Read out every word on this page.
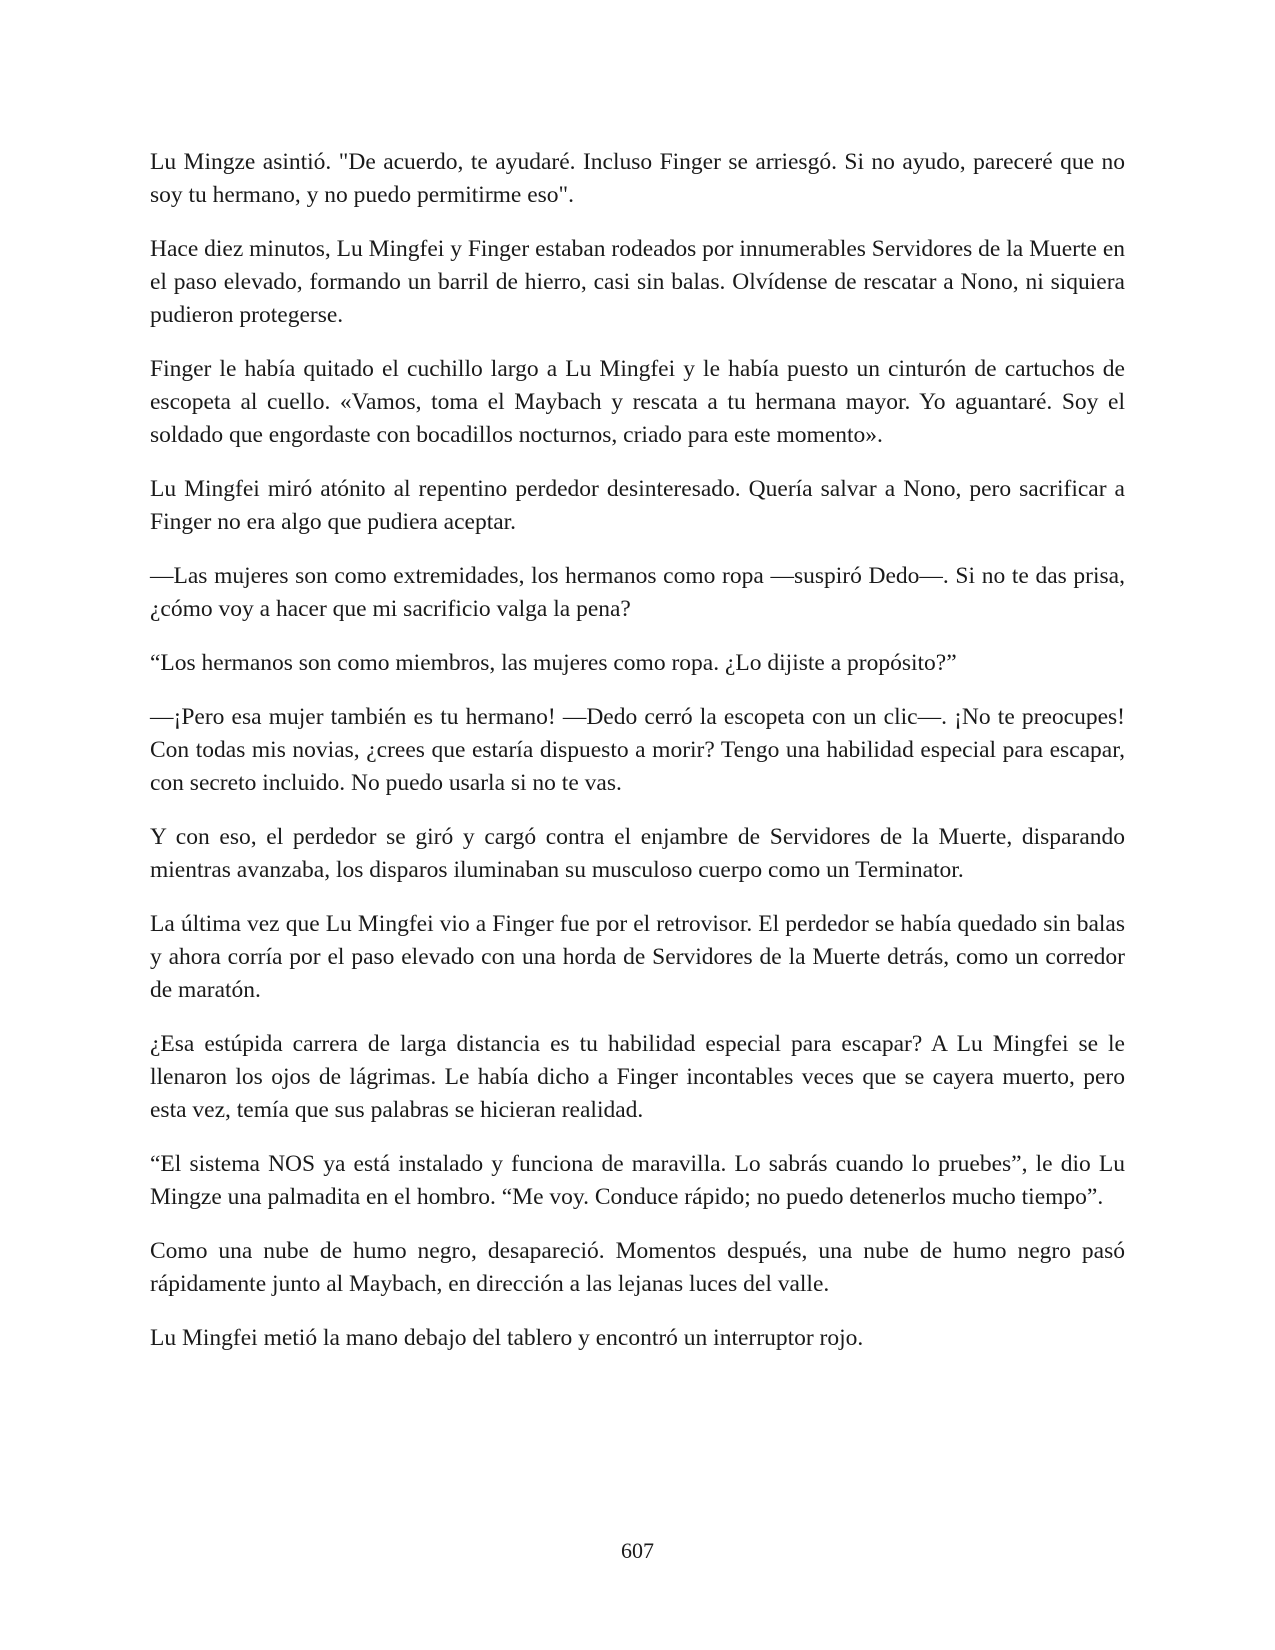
Lu Mingze asintió. "De acuerdo, te ayudaré. Incluso Finger se arriesgó. Si no ayudo, pareceré que no soy tu hermano, y no puedo permitirme eso".

Hace diez minutos, Lu Mingfei y Finger estaban rodeados por innumerables Servidores de la Muerte en el paso elevado, formando un barril de hierro, casi sin balas. Olvídense de rescatar a Nono, ni siquiera pudieron protegerse.

Finger le había quitado el cuchillo largo a Lu Mingfei y le había puesto un cinturón de cartuchos de escopeta al cuello. «Vamos, toma el Maybach y rescata a tu hermana mayor. Yo aguantaré. Soy el soldado que engordaste con bocadillos nocturnos, criado para este momento».

Lu Mingfei miró atónito al repentino perdedor desinteresado. Quería salvar a Nono, pero sacrificar a Finger no era algo que pudiera aceptar.

—Las mujeres son como extremidades, los hermanos como ropa —suspiró Dedo—. Si no te das prisa, ¿cómo voy a hacer que mi sacrificio valga la pena?

“Los hermanos son como miembros, las mujeres como ropa. ¿Lo dijiste a propósito?”

—¡Pero esa mujer también es tu hermano! —Dedo cerró la escopeta con un clic—. ¡No te preocupes! Con todas mis novias, ¿crees que estaría dispuesto a morir? Tengo una habilidad especial para escapar, con secreto incluido. No puedo usarla si no te vas.

Y con eso, el perdedor se giró y cargó contra el enjambre de Servidores de la Muerte, disparando mientras avanzaba, los disparos iluminaban su musculoso cuerpo como un Terminator.

La última vez que Lu Mingfei vio a Finger fue por el retrovisor. El perdedor se había quedado sin balas y ahora corría por el paso elevado con una horda de Servidores de la Muerte detrás, como un corredor de maratón.

¿Esa estúpida carrera de larga distancia es tu habilidad especial para escapar? A Lu Mingfei se le llenaron los ojos de lágrimas. Le había dicho a Finger incontables veces que se cayera muerto, pero esta vez, temía que sus palabras se hicieran realidad.

“El sistema NOS ya está instalado y funciona de maravilla. Lo sabrás cuando lo pruebes”, le dio Lu Mingze una palmadita en el hombro. “Me voy. Conduce rápido; no puedo detenerlos mucho tiempo”.

Como una nube de humo negro, desapareció. Momentos después, una nube de humo negro pasó rápidamente junto al Maybach, en dirección a las lejanas luces del valle.

Lu Mingfei metió la mano debajo del tablero y encontró un interruptor rojo.

607
